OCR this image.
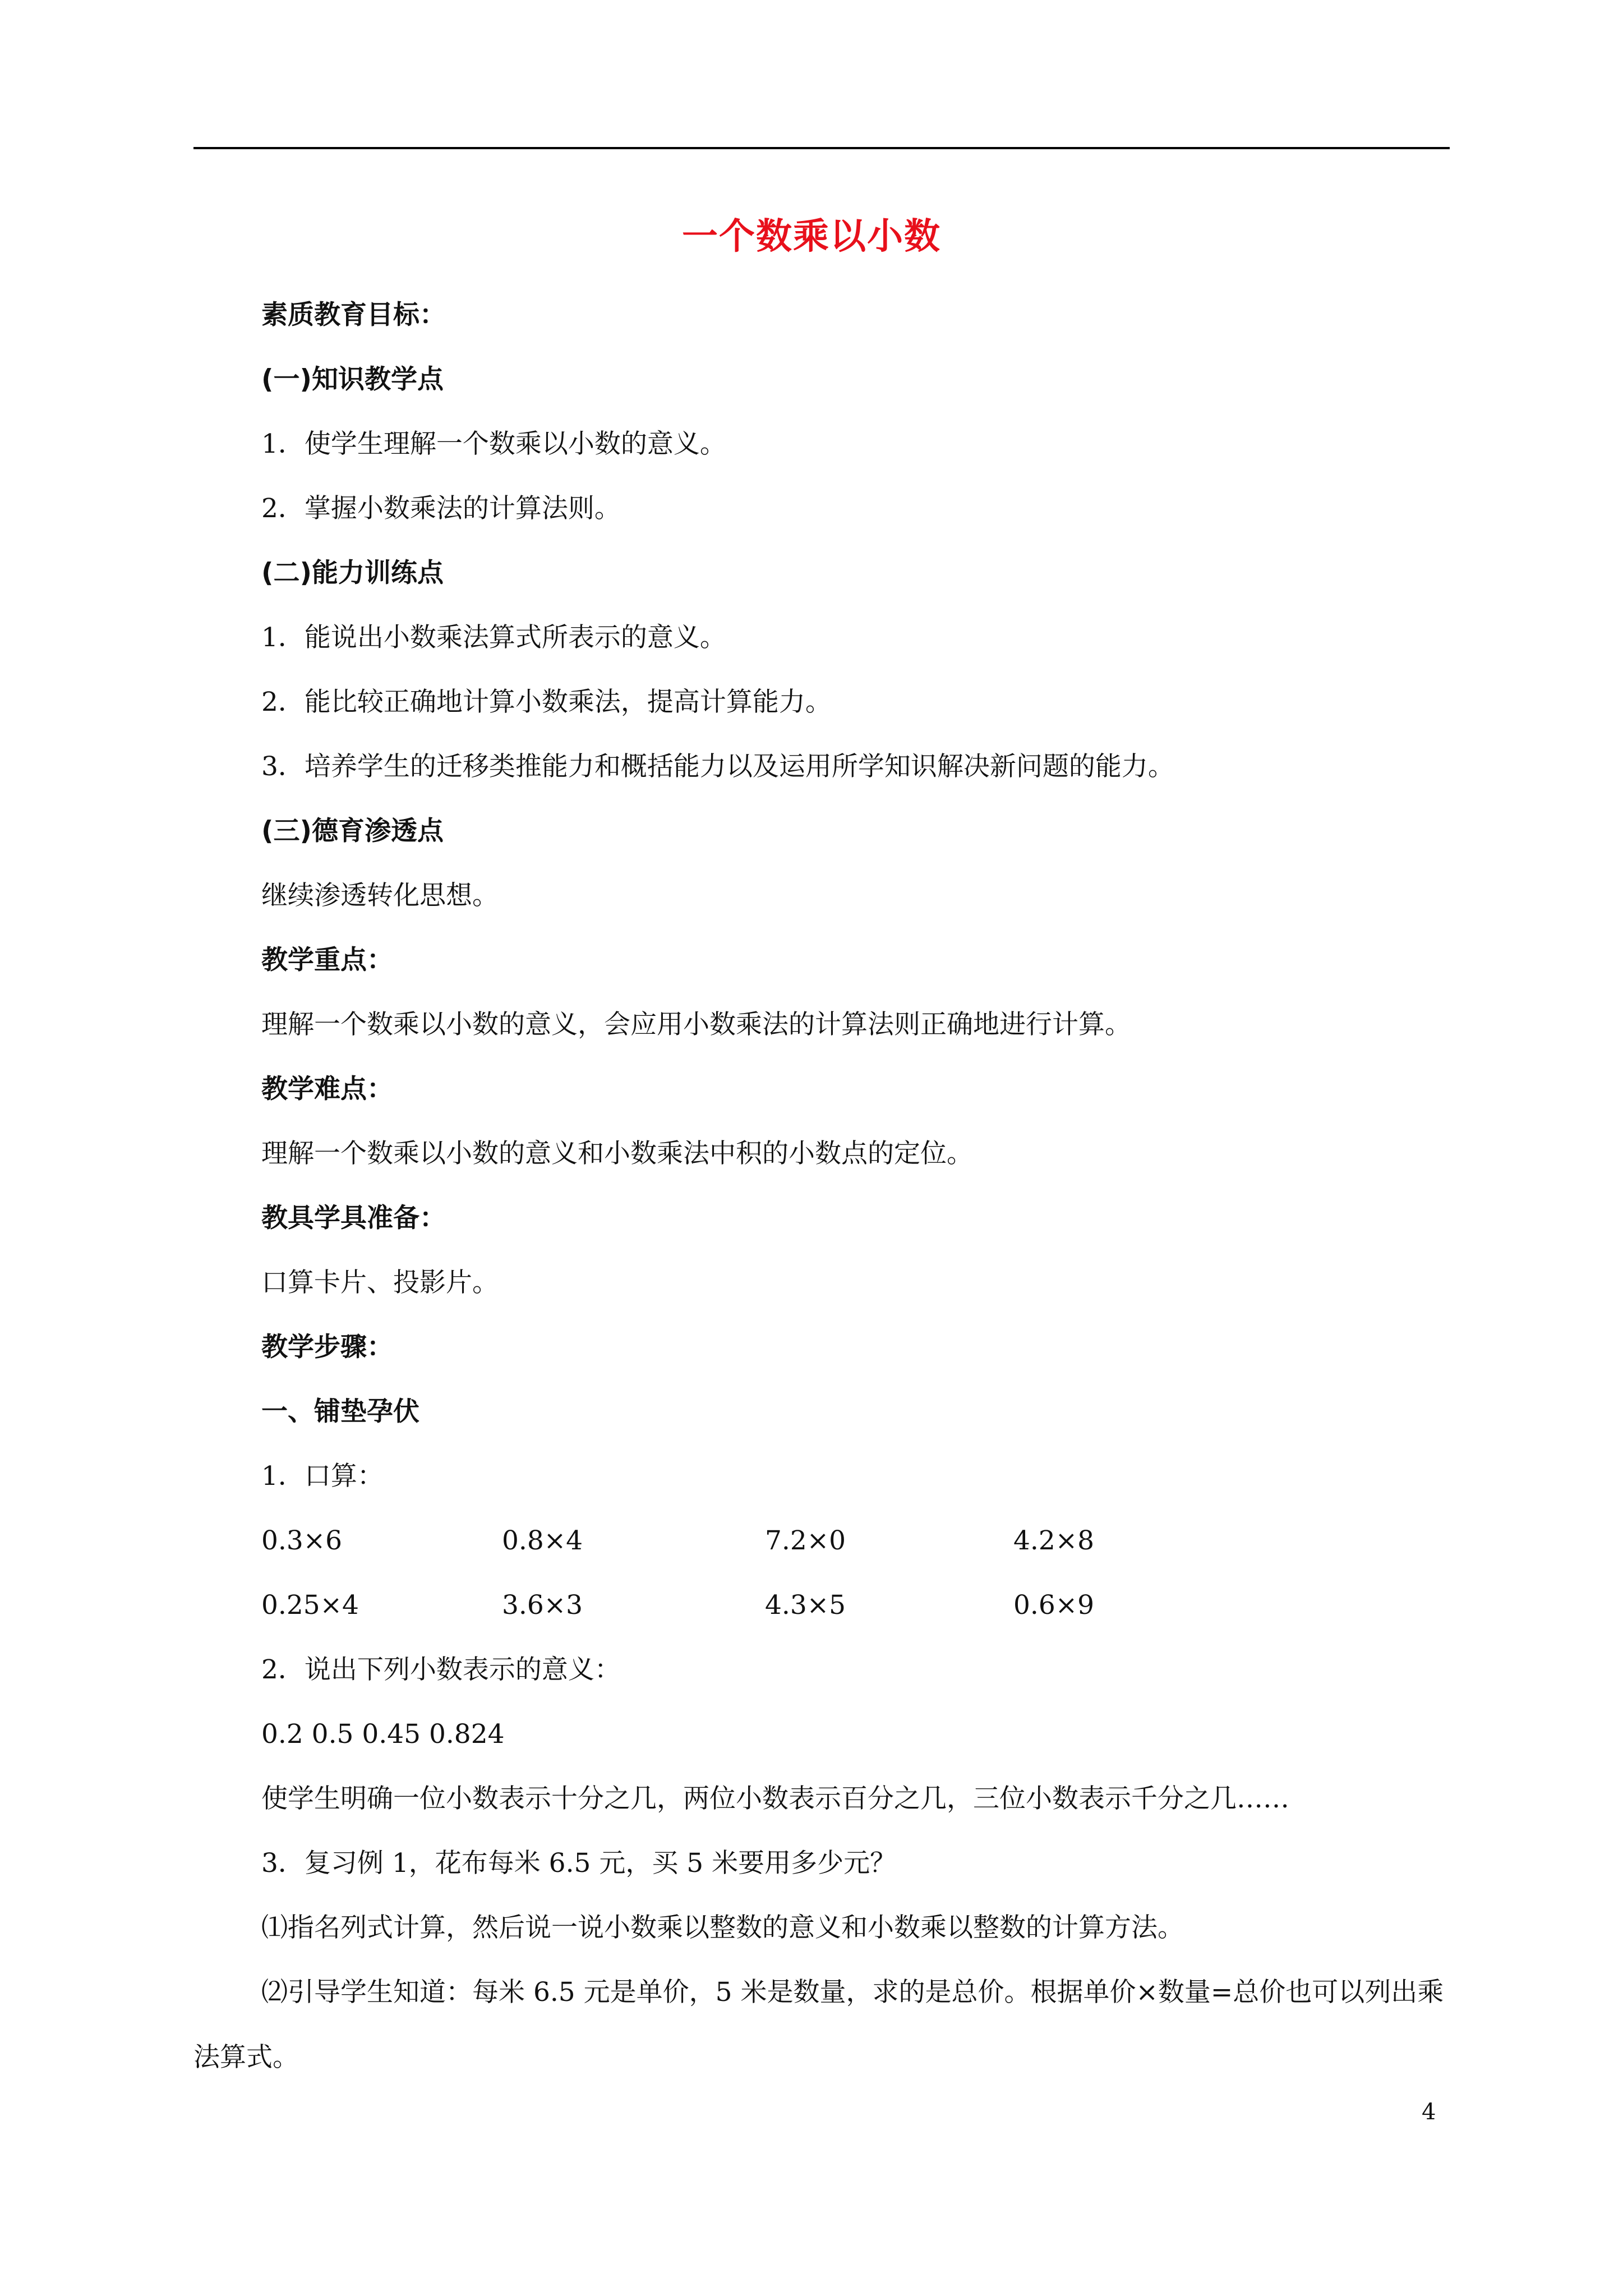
一个数乘以小数
素质教育目标：
(一)知识教学点
1．使学生理解一个数乘以小数的意义。
2．掌握小数乘法的计算法则。
(二)能力训练点
1．能说出小数乘法算式所表示的意义。
2．能比较正确地计算小数乘法，提高计算能力。
3．培养学生的迁移类推能力和概括能力以及运用所学知识解决新问题的能力。
(三)德育渗透点
继续渗透转化思想。
教学重点：
理解一个数乘以小数的意义，会应用小数乘法的计算法则正确地进行计算。
教学难点：
理解一个数乘以小数的意义和小数乘法中积的小数点的定位。
教具学具准备：
口算卡片、投影片。
教学步骤：
一、铺垫孕伏
1．口算：
0.3×6	0.8×4	7.2×0	4.2×8
0.25×4	3.6×3	4.3×5	0.6×9
2．说出下列小数表示的意义：
0.2 0.5 0.45 0.824
使学生明确一位小数表示十分之几，两位小数表示百分之几，三位小数表示千分之几……
3．复习例 1，花布每米 6.5 元，买 5 米要用多少元？
⑴指名列式计算，然后说一说小数乘以整数的意义和小数乘以整数的计算方法。
⑵引导学生知道：每米 6.5 元是单价，5 米是数量，求的是总价。根据单价×数量=总价也可以列出乘法算式。
4
